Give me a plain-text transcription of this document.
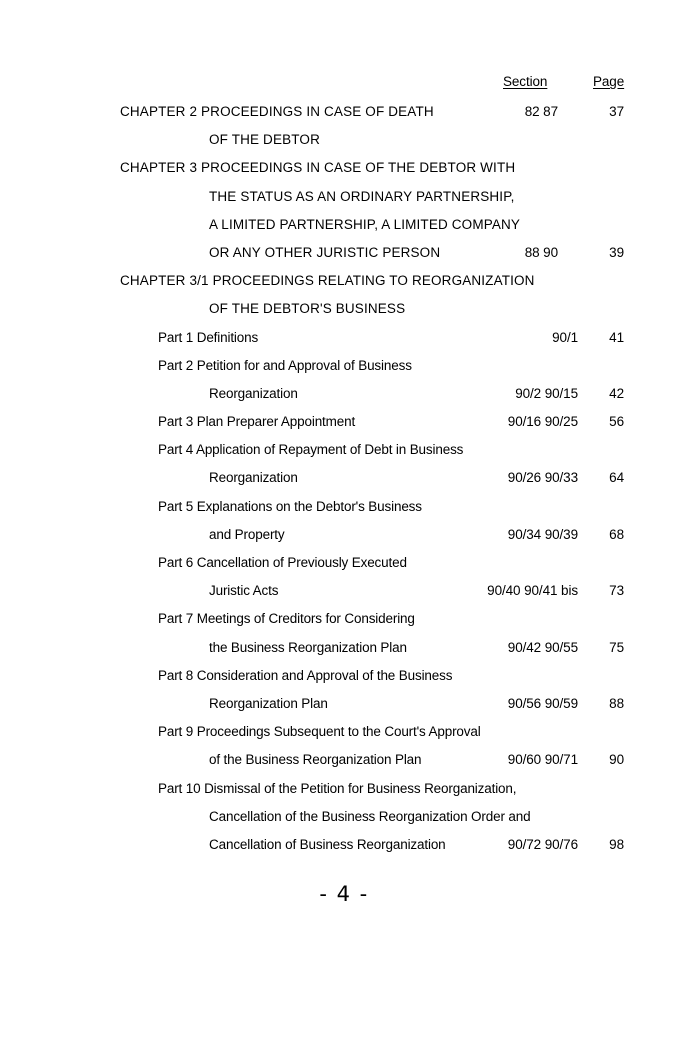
Section	Page
CHAPTER 2 PROCEEDINGS IN CASE OF DEATH	82 87	37
OF THE DEBTOR
CHAPTER 3 PROCEEDINGS IN CASE OF THE DEBTOR WITH
THE STATUS AS AN ORDINARY PARTNERSHIP,
A LIMITED PARTNERSHIP, A LIMITED COMPANY
OR ANY OTHER JURISTIC PERSON	88 90	39
CHAPTER 3/1 PROCEEDINGS RELATING TO REORGANIZATION
OF THE DEBTOR'S BUSINESS
Part 1 Definitions	90/1	41
Part 2 Petition for and Approval of Business
Reorganization	90/2 90/15	42
Part 3 Plan Preparer Appointment	90/16 90/25	56
Part 4 Application of Repayment of Debt in Business
Reorganization	90/26 90/33	64
Part 5 Explanations on the Debtor's Business
and Property	90/34 90/39	68
Part 6 Cancellation of Previously Executed
Juristic Acts	90/40 90/41 bis	73
Part 7 Meetings of Creditors for Considering
the Business Reorganization Plan	90/42 90/55	75
Part 8 Consideration and Approval of the Business
Reorganization Plan	90/56 90/59	88
Part 9 Proceedings Subsequent to the Court's Approval
of the Business Reorganization Plan	90/60 90/71	90
Part 10 Dismissal of the Petition for Business Reorganization,
Cancellation of the Business Reorganization Order and
Cancellation of Business Reorganization	90/72 90/76	98
- 4 -
